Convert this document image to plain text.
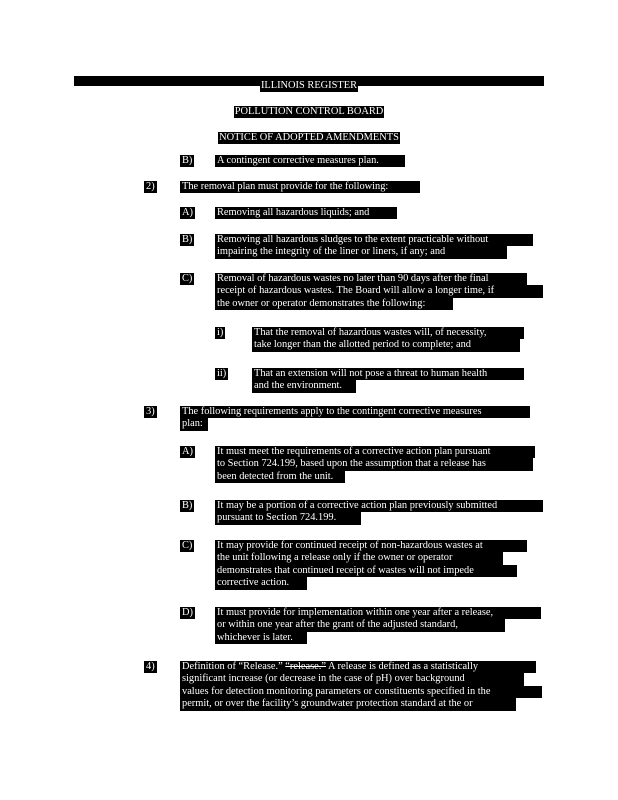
ILLINOIS REGISTER
POLLUTION CONTROL BOARD
NOTICE OF ADOPTED AMENDMENTS
B) A contingent corrective measures plan.
2)	The removal plan must provide for the following:
A) Removing all hazardous liquids; and
B) Removing all hazardous sludges to the extent practicable without
impairing the integrity of the liner or liners, if any; and
C) Removal of hazardous wastes no later than 90 days after the final
receipt of hazardous wastes. The Board will allow a longer time, if
the owner or operator demonstrates the following:
i)	That the removal of hazardous wastes will, of necessity,
take longer than the allotted period to complete; and
ii)	That an extension will not pose a threat to human health
and the environment.
3)	The following requirements apply to the contingent corrective measures
plan:
A) It must meet the requirements of a corrective action plan pursuant
to Section 724.199, based upon the assumption that a release has
been detected from the unit.
B) It may be a portion of a corrective action plan previously submitted
pursuant to Section 724.199.
C) It may provide for continued receipt of non-hazardous wastes at
the unit following a release only if the owner or operator
demonstrates that continued receipt of wastes will not impede
corrective action.
D) It must provide for implementation within one year after a release,
or within one year after the grant of the adjusted standard,
whichever is later.
4)	Definition of “Release.” “release.” A release is defined as a statistically
significant increase (or decrease in the case of pH) over background
values for detection monitoring parameters or constituents specified in the
permit, or over the facility’s groundwater protection standard at the or
